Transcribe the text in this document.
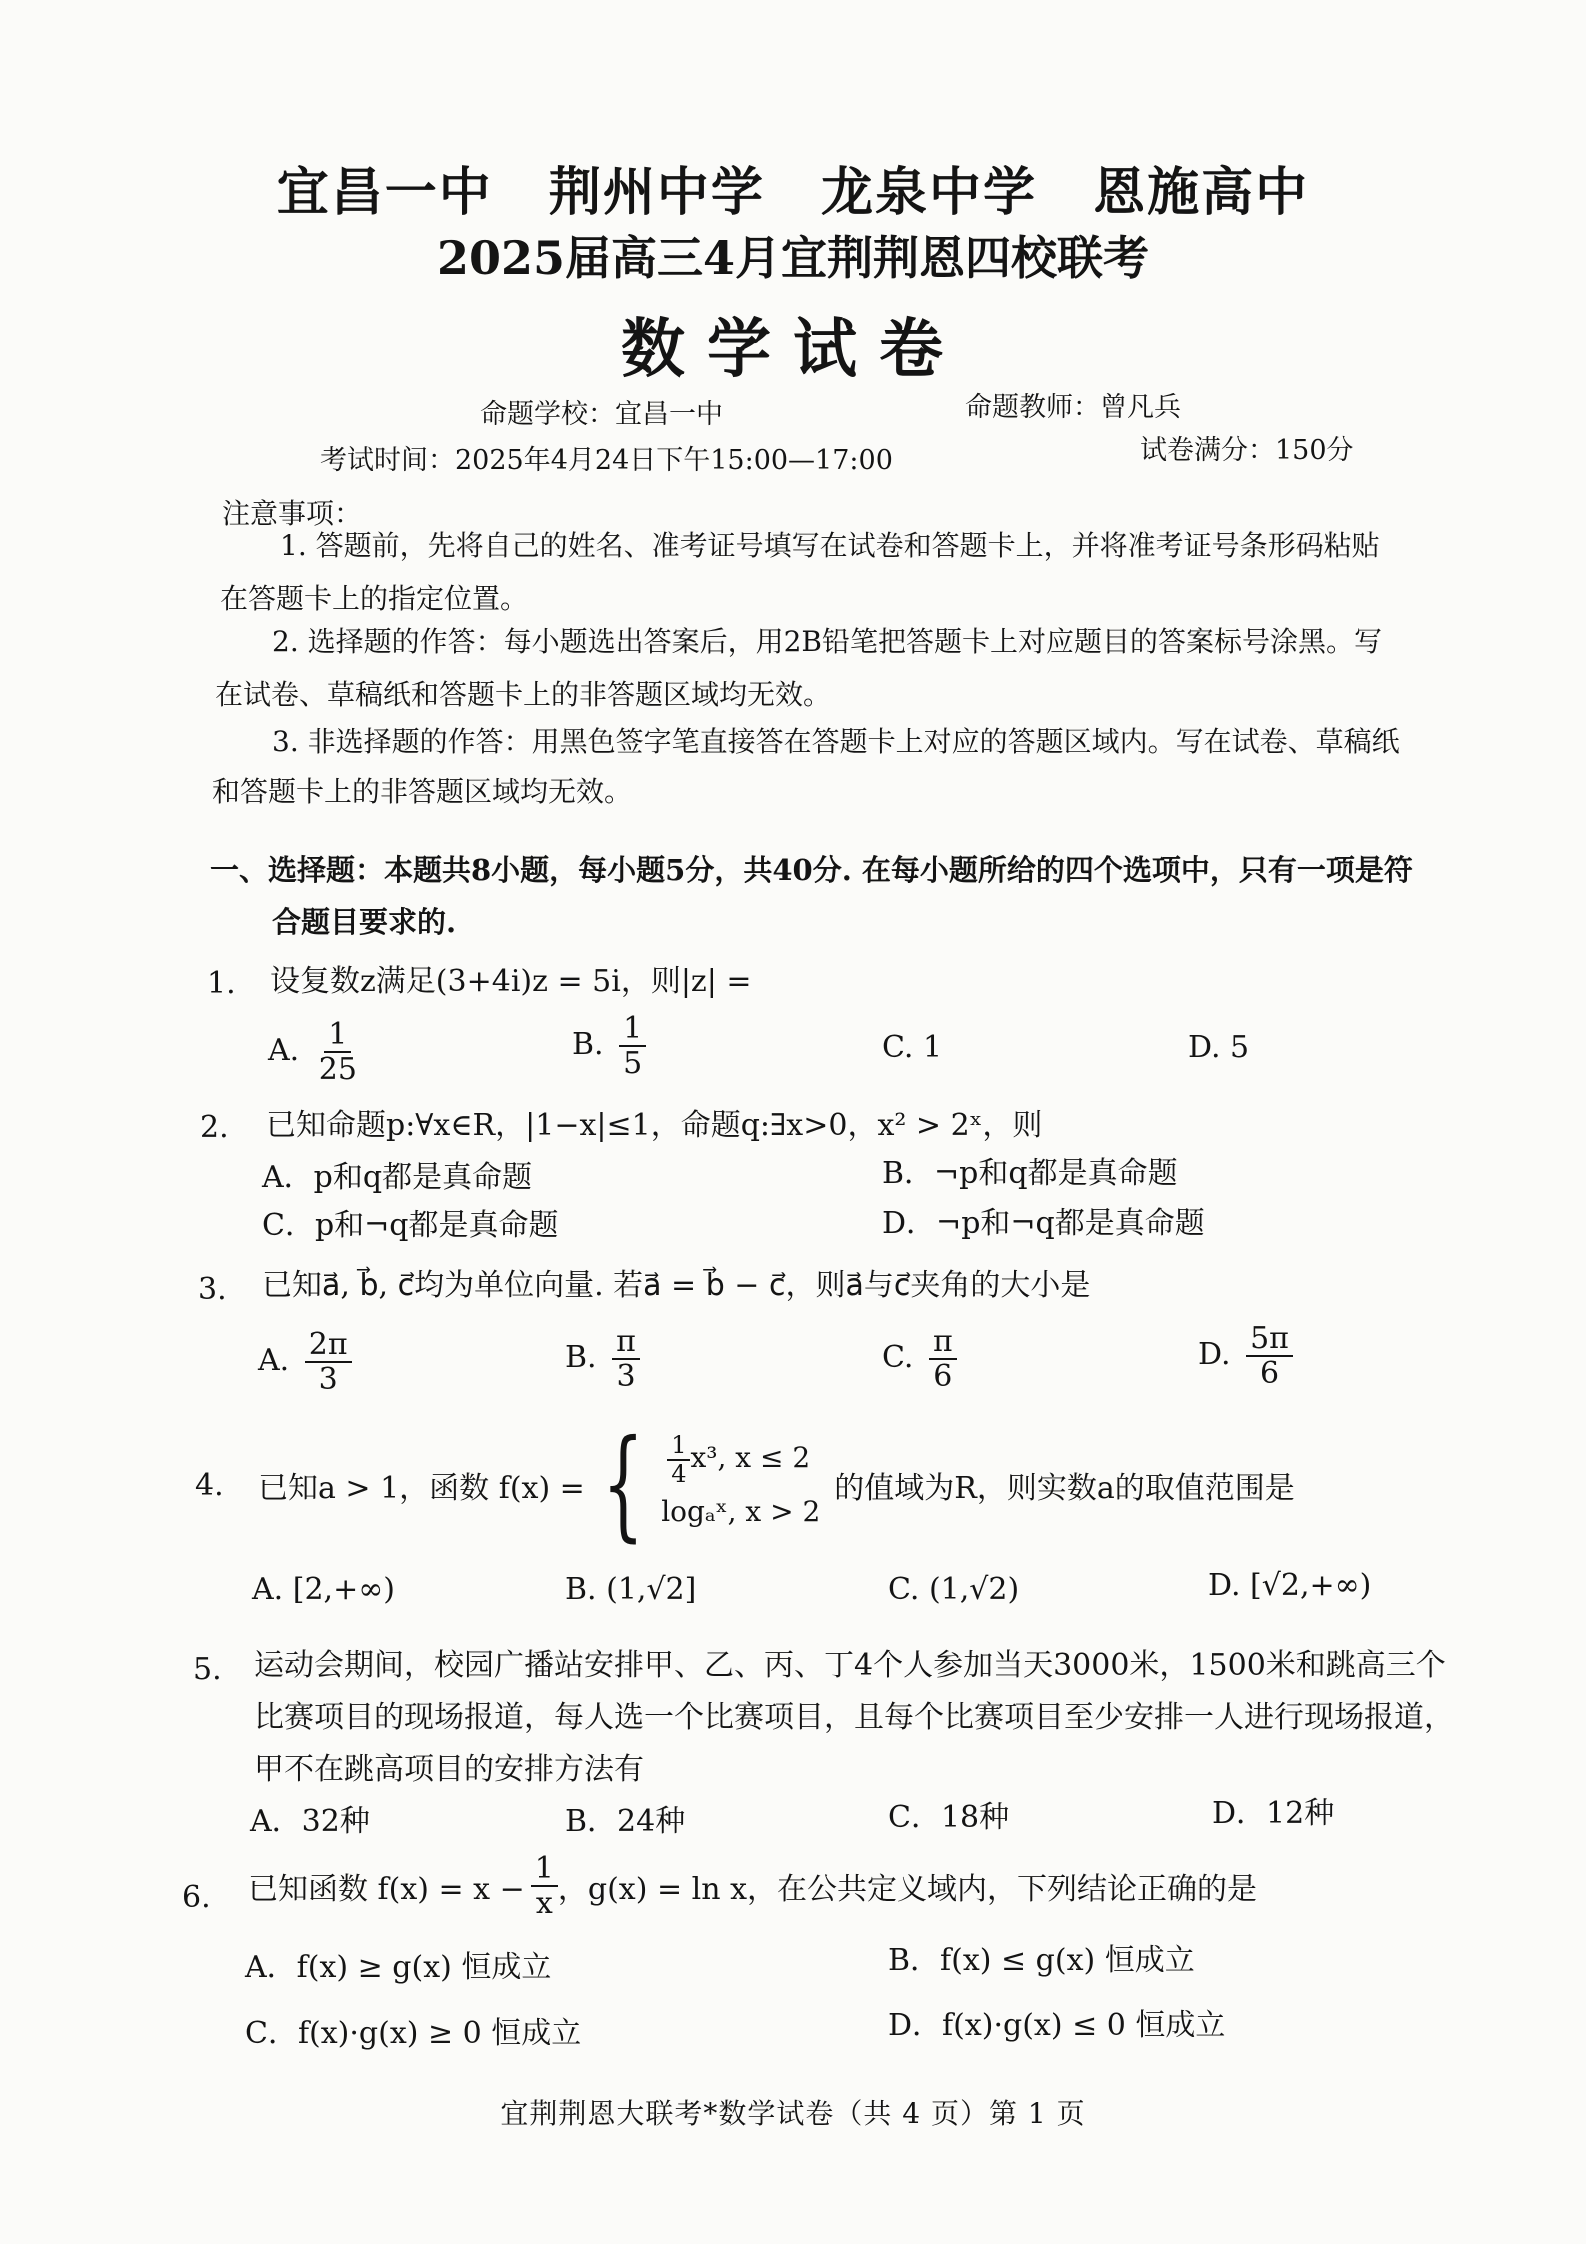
宜昌一中 荆州中学 龙泉中学 恩施高中
2025届高三4月宜荆荆恩四校联考
数学试卷
命题学校：宜昌一中	命题教师：曾凡兵
考试时间：2025年4月24日下午15:00—17:00	试卷满分：150分
注意事项：
1. 答题前，先将自己的姓名、准考证号填写在试卷和答题卡上，并将准考证号条形码粘贴
在答题卡上的指定位置。
2. 选择题的作答：每小题选出答案后，用2B铅笔把答题卡上对应题目的答案标号涂黑。写
在试卷、草稿纸和答题卡上的非答题区域均无效。
3. 非选择题的作答：用黑色签字笔直接答在答题卡上对应的答题区域内。写在试卷、草稿纸
和答题卡上的非答题区域均无效。
一、选择题：本题共8小题，每小题5分，共40分. 在每小题所给的四个选项中，只有一项是符
合题目要求的.
1. 设复数z满足(3+4i)z = 5i，则|z| =
A. $\frac{1}{25}$	B. $\frac{1}{5}$	C. 1	D. 5
2. 已知命题p:∀x∈R，|1−x|≤1，命题q:∃x>0，x² > 2ˣ，则
A．p和q都是真命题	B．¬p和q都是真命题
C．p和¬q都是真命题	D．¬p和¬q都是真命题
3. 已知a⃗, b⃗, c⃗均为单位向量. 若a⃗ = b⃗ − c⃗，则a⃗与c⃗夹角的大小是
A. $\frac{2\pi}{3}$	B. $\frac{\pi}{3}$	C. $\frac{\pi}{6}$	D. $\frac{5\pi}{6}$
4. 已知a > 1，函数 f(x) = { $\frac{1}{4} x^3$, x ≤ 2
logₐˣ, x > 2
的值域为R，则实数a的取值范围是
A. [2,+∞)	B. (1,√2]	C. (1,√2)	D. [√2,+∞)
5. 运动会期间，校园广播站安排甲、乙、丙、丁4个人参加当天3000米，1500米和跳高三个
比赛项目的现场报道，每人选一个比赛项目，且每个比赛项目至少安排一人进行现场报道，
甲不在跳高项目的安排方法有
A．32种	B．24种	C．18种	D．12种
6. 已知函数 $f(x) = x - \frac{1}{x}$ ，g(x) = ln x，在公共定义域内，下列结论正确的是
A．f(x) ≥ g(x) 恒成立	B．f(x) ≤ g(x) 恒成立
C．f(x)·g(x) ≥ 0 恒成立	D．f(x)·g(x) ≤ 0 恒成立
宜荆荆恩大联考*数学试卷（共 4 页）第 1 页
